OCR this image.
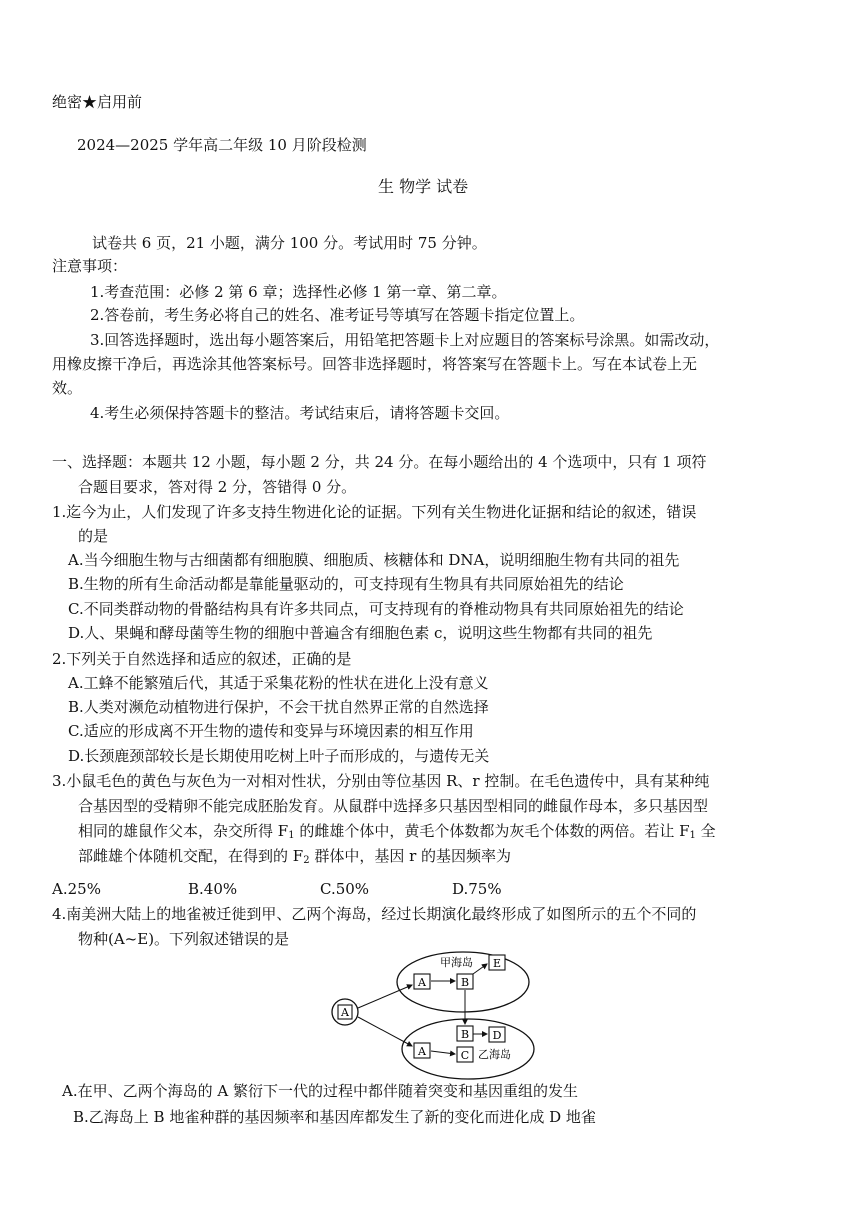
绝密★启用前
2024—2025 学年高二年级 10 月阶段检测
生 物学 试卷
试卷共 6 页，21 小题，满分 100 分。考试用时 75 分钟。
注意事项：
1.考查范围：必修 2 第 6 章；选择性必修 1 第一章、第二章。
2.答卷前，考生务必将自己的姓名、准考证号等填写在答题卡指定位置上。
3.回答选择题时，选出每小题答案后，用铅笔把答题卡上对应题目的答案标号涂黑。如需改动，
用橡皮擦干净后，再选涂其他答案标号。回答非选择题时，将答案写在答题卡上。写在本试卷上无
效。
4.考生必须保持答题卡的整洁。考试结束后，请将答题卡交回。
一、选择题：本题共 12 小题，每小题 2 分，共 24 分。在每小题给出的 4 个选项中，只有 1 项符
合题目要求，答对得 2 分，答错得 0 分。
1.迄今为止，人们发现了许多支持生物进化论的证据。下列有关生物进化证据和结论的叙述，错误
的是
A.当今细胞生物与古细菌都有细胞膜、细胞质、核糖体和 DNA，说明细胞生物有共同的祖先
B.生物的所有生命活动都是靠能量驱动的，可支持现有生物具有共同原始祖先的结论
C.不同类群动物的骨骼结构具有许多共同点，可支持现有的脊椎动物具有共同原始祖先的结论
D.人、果蝇和酵母菌等生物的细胞中普遍含有细胞色素 c，说明这些生物都有共同的祖先
2.下列关于自然选择和适应的叙述，正确的是
A.工蜂不能繁殖后代，其适于采集花粉的性状在进化上没有意义
B.人类对濒危动植物进行保护，不会干扰自然界正常的自然选择
C.适应的形成离不开生物的遗传和变异与环境因素的相互作用
D.长颈鹿颈部较长是长期使用吃树上叶子而形成的，与遗传无关
3.小鼠毛色的黄色与灰色为一对相对性状，分别由等位基因 R、r 控制。在毛色遗传中，具有某种纯
合基因型的受精卵不能完成胚胎发育。从鼠群中选择多只基因型相同的雌鼠作母本，多只基因型
相同的雄鼠作父本，杂交所得 $F_1$ 的雌雄个体中，黄毛个体数都为灰毛个体数的两倍。若让 $F_1$ 全
部雌雄个体随机交配，在得到的 $F_2$ 群体中，基因 r 的基因频率为
A.25%	B.40%	C.50%	D.75%
4.南美洲大陆上的地雀被迁徙到甲、乙两个海岛，经过长期演化最终形成了如图所示的五个不同的
物种(A~E)。下列叙述错误的是
A
甲海岛
A	B
E
B D
A	C 乙海岛
A.在甲、乙两个海岛的 A 繁衍下一代的过程中都伴随着突变和基因重组的发生
B.乙海岛上 B 地雀种群的基因频率和基因库都发生了新的变化而进化成 D 地雀
